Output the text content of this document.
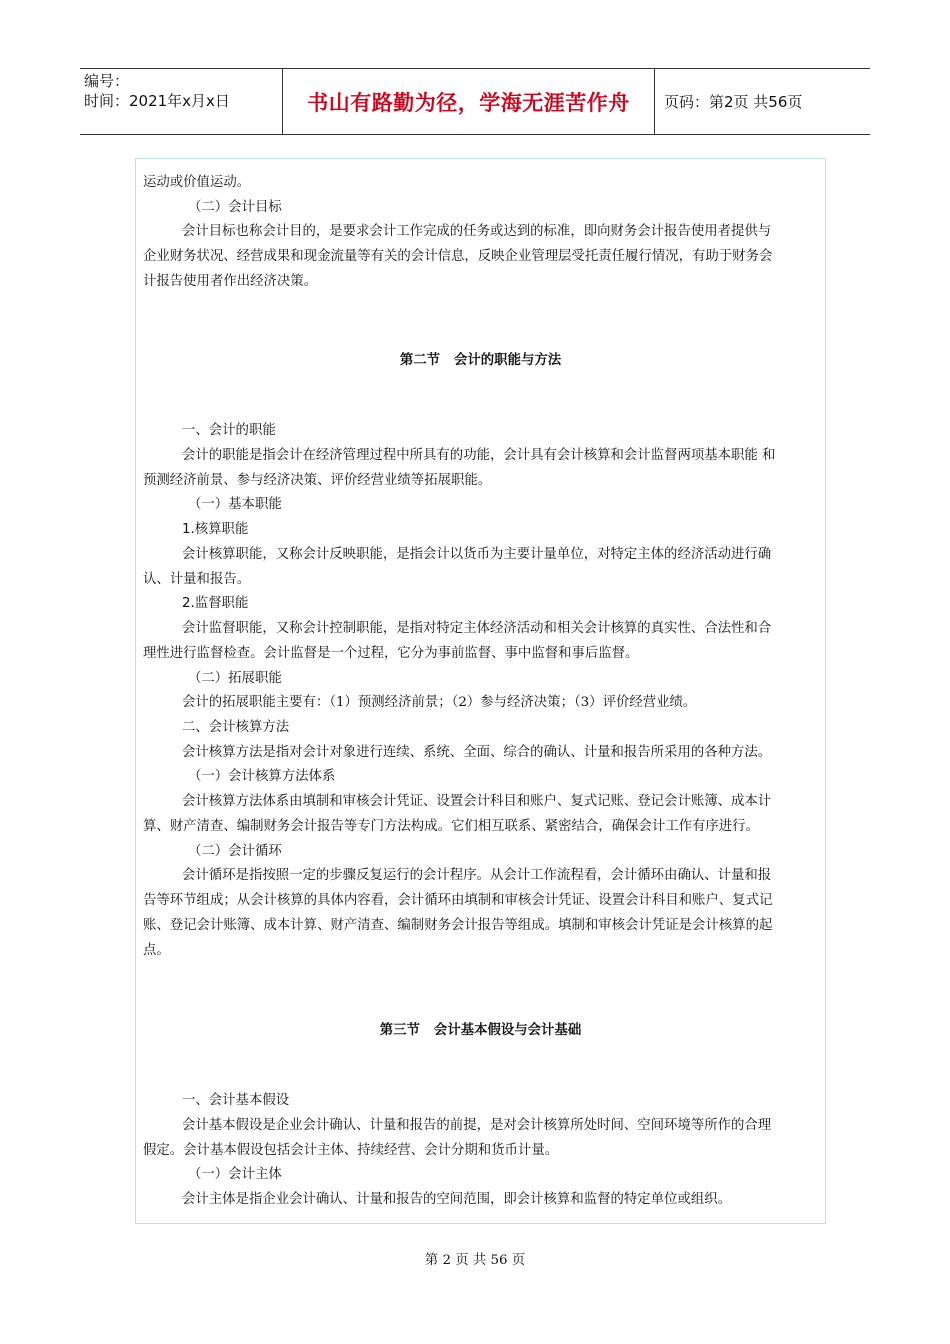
编号：
时间：2021年x月x日	书山有路勤为径，学海无涯苦作舟	页码：第2页 共56页
运动或价值运动。
（二）会计目标
会计目标也称会计目的，是要求会计工作完成的任务或达到的标准，即向财务会计报告使用者提供与
企业财务状况、经营成果和现金流量等有关的会计信息，反映企业管理层受托责任履行情况，有助于财务会
计报告使用者作出经济决策。
第二节   会计的职能与方法
一、会计的职能
会计的职能是指会计在经济管理过程中所具有的功能，会计具有会计核算和会计监督两项基本职能 和
预测经济前景、参与经济决策、评价经营业绩等拓展职能。
（一）基本职能
1.核算职能
会计核算职能，又称会计反映职能，是指会计以货币为主要计量单位，对特定主体的经济活动进行确
认、计量和报告。
2.监督职能
会计监督职能，又称会计控制职能，是指对特定主体经济活动和相关会计核算的真实性、合法性和合
理性进行监督检查。会计监督是一个过程，它分为事前监督、事中监督和事后监督。
（二）拓展职能
会计的拓展职能主要有：（1）预测经济前景；（2）参与经济决策；（3）评价经营业绩。
二、会计核算方法
会计核算方法是指对会计对象进行连续、系统、全面、综合的确认、计量和报告所采用的各种方法。
（一）会计核算方法体系
会计核算方法体系由填制和审核会计凭证、设置会计科目和账户、复式记账、登记会计账簿、成本计
算、财产清查、编制财务会计报告等专门方法构成。它们相互联系、紧密结合，确保会计工作有序进行。
（二）会计循环
会计循环是指按照一定的步骤反复运行的会计程序。从会计工作流程看，会计循环由确认、计量和报
告等环节组成；从会计核算的具体内容看，会计循环由填制和审核会计凭证、设置会计科目和账户、复式记
账、登记会计账簿、成本计算、财产清查、编制财务会计报告等组成。填制和审核会计凭证是会计核算的起
点。
第三节   会计基本假设与会计基础
一、会计基本假设
会计基本假设是企业会计确认、计量和报告的前提，是对会计核算所处时间、空间环境等所作的合理
假定。会计基本假设包括会计主体、持续经营、会计分期和货币计量。
（一）会计主体
会计主体是指企业会计确认、计量和报告的空间范围，即会计核算和监督的特定单位或组织。
第 2 页 共 56 页
